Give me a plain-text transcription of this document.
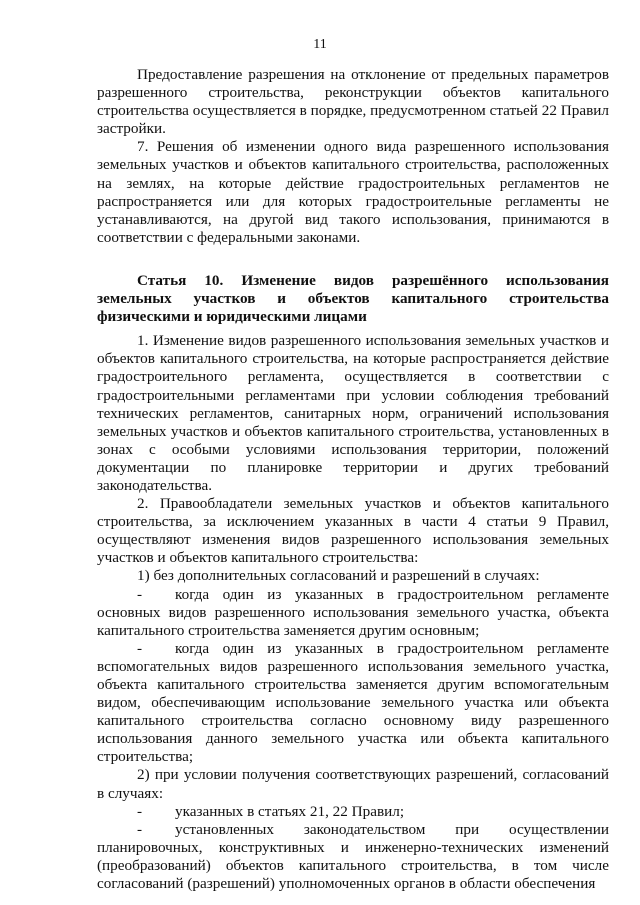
11

Предоставление разрешения на отклонение от предельных параметров разрешенного строительства, реконструкции объектов капитального строительства осуществляется в порядке, предусмотренном статьей 22 Правил застройки.

7. Решения об изменении одного вида разрешенного использования земельных участков и объектов капитального строительства, расположенных на землях, на которые действие градостроительных регламентов не распространяется или для которых градостроительные регламенты не устанавливаются, на другой вид такого использования, принимаются в соответствии с федеральными законами.

Статья 10. Изменение видов разрешённого использования земельных участков и объектов капитального строительства физическими и юридическими лицами

1. Изменение видов разрешенного использования земельных участков и объектов капитального строительства, на которые распространяется действие градостроительного регламента, осуществляется в соответствии с градостроительными регламентами при условии соблюдения требований технических регламентов, санитарных норм, ограничений использования земельных участков и объектов капитального строительства, установленных в зонах с особыми условиями использования территории, положений документации по планировке территории и других требований законодательства.

2. Правообладатели земельных участков и объектов капитального строительства, за исключением указанных в части 4 статьи 9 Правил, осуществляют изменения видов разрешенного использования земельных участков и объектов капитального строительства:

1) без дополнительных согласований и разрешений в случаях:

- когда один из указанных в градостроительном регламенте основных видов разрешенного использования земельного участка, объекта капитального строительства заменяется другим основным;

- когда один из указанных в градостроительном регламенте вспомогательных видов разрешенного использования земельного участка, объекта капитального строительства заменяется другим вспомогательным видом, обеспечивающим использование земельного участка или объекта капитального строительства согласно основному виду разрешенного использования данного земельного участка или объекта капитального строительства;

2) при условии получения соответствующих разрешений, согласований в случаях:

- указанных в статьях 21, 22 Правил;

- установленных законодательством при осуществлении планировочных, конструктивных и инженерно-технических изменений (преобразований) объектов капитального строительства, в том числе согласований (разрешений) уполномоченных органов в области обеспечения
